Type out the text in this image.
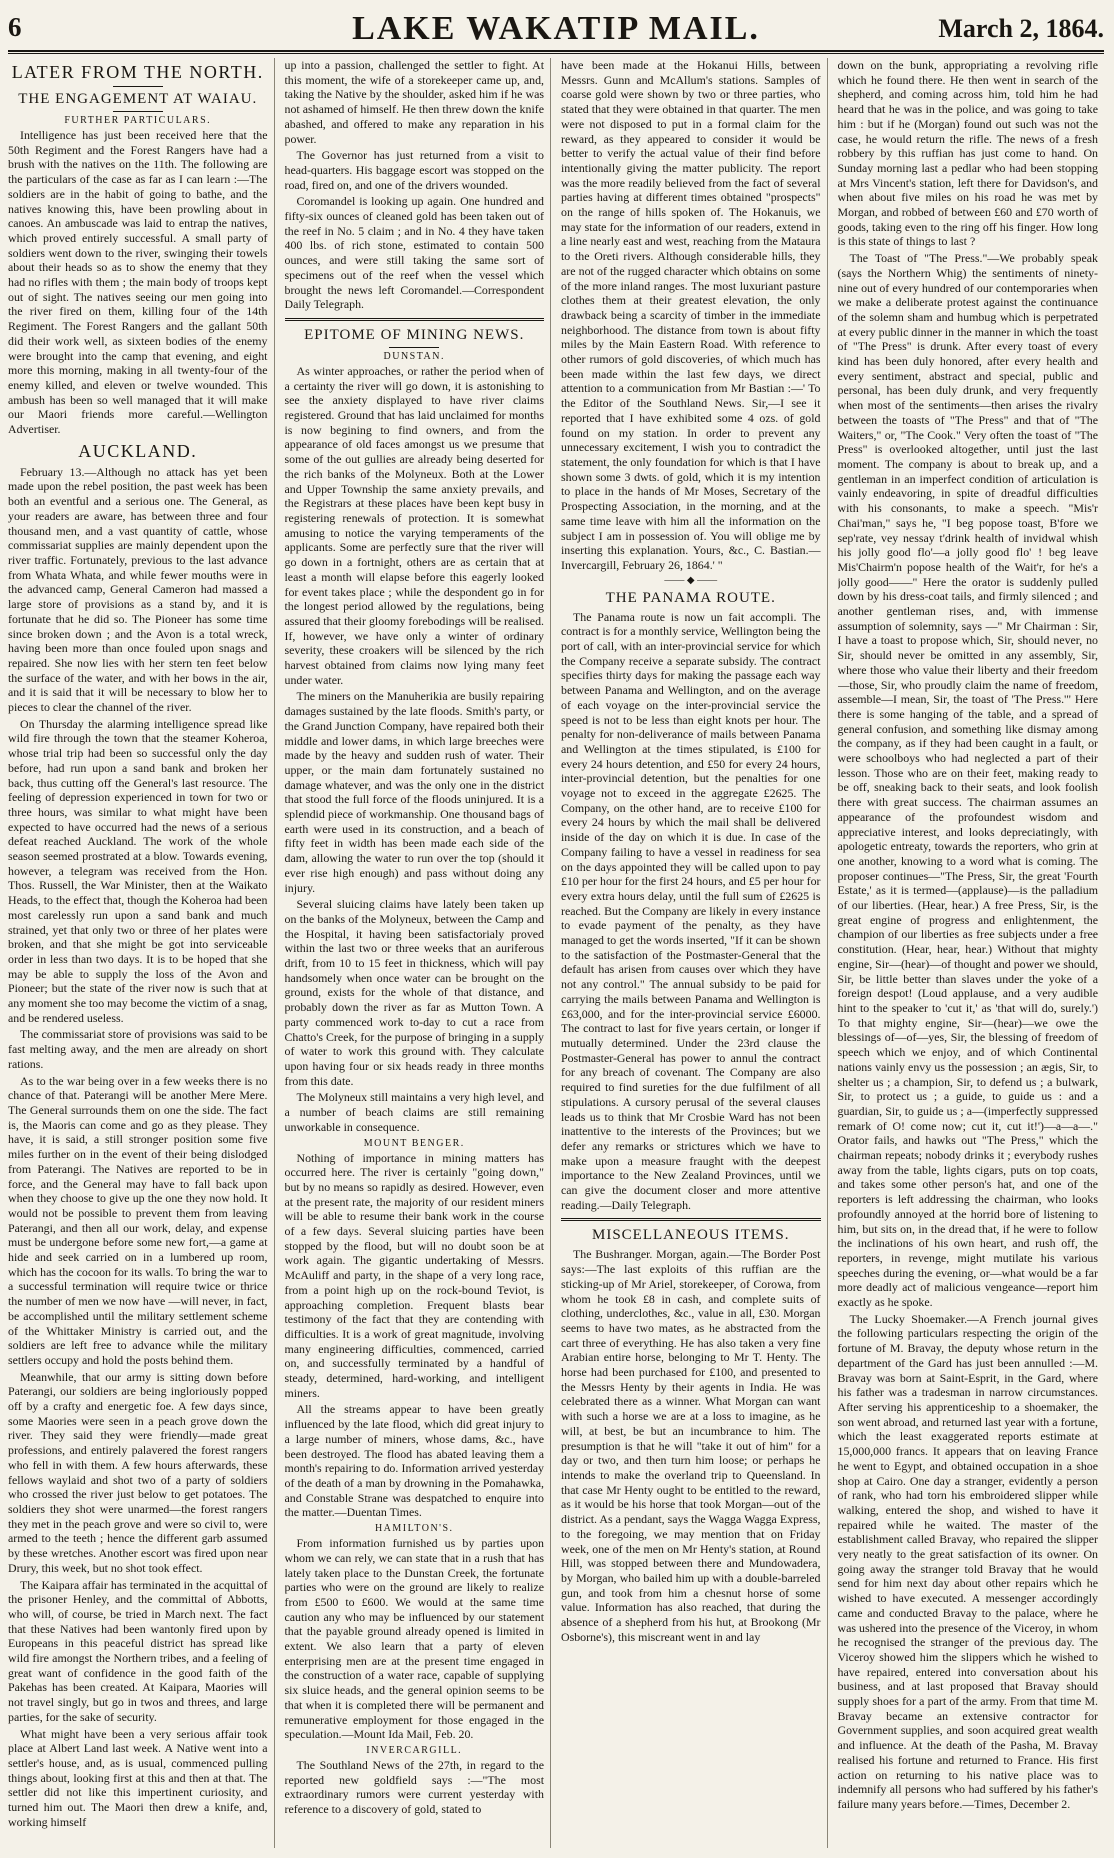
6	LAKE WAKATIP MAIL.	March 2, 1864.
LATER FROM THE NORTH.
THE ENGAGEMENT AT WAIAU.
FURTHER PARTICULARS.

Intelligence has just been received here that the 50th Regiment and the Forest Rangers have had a brush with the natives on the 11th. The following are the particulars of the case as far as I can learn :—The soldiers are in the habit of going to bathe, and the natives knowing this, have been prowling about in canoes. An ambuscade was laid to entrap the natives, which proved entirely successful. A small party of soldiers went down to the river, swinging their towels about their heads so as to show the enemy that they had no rifles with them ; the main body of troops kept out of sight. The natives seeing our men going into the river fired on them, killing four of the 14th Regiment. The Forest Rangers and the gallant 50th did their work well, as sixteen bodies of the enemy were brought into the camp that evening, and eight more this morning, making in all twenty-four of the enemy killed, and eleven or twelve wounded. This ambush has been so well managed that it will make our Maori friends more careful.—Wellington Advertiser.

AUCKLAND.

February 13.—Although no attack has yet been made upon the rebel position, the past week has been both an eventful and a serious one. The General, as your readers are aware, has between three and four thousand men, and a vast quantity of cattle, whose commissariat supplies are mainly dependent upon the river traffic. Fortunately, previous to the last advance from Whata Whata, and while fewer mouths were in the advanced camp, General Cameron had massed a large store of provisions as a stand by, and it is fortunate that he did so. The Pioneer has some time since broken down ; and the Avon is a total wreck, having been more than once fouled upon snags and repaired. She now lies with her stern ten feet below the surface of the water, and with her bows in the air, and it is said that it will be necessary to blow her to pieces to clear the channel of the river.

On Thursday the alarming intelligence spread like wild fire through the town that the steamer Koheroa, whose trial trip had been so successful only the day before, had run upon a sand bank and broken her back, thus cutting off the General's last resource. The feeling of depression experienced in town for two or three hours, was similar to what might have been expected to have occurred had the news of a serious defeat reached Auckland. The work of the whole season seemed prostrated at a blow. Towards evening, however, a telegram was received from the Hon. Thos. Russell, the War Minister, then at the Waikato Heads, to the effect that, though the Koheroa had been most carelessly run upon a sand bank and much strained, yet that only two or three of her plates were broken, and that she might be got into serviceable order in less than two days. It is to be hoped that she may be able to supply the loss of the Avon and Pioneer; but the state of the river now is such that at any moment she too may become the victim of a snag, and be rendered useless.

The commissariat store of provisions was said to be fast melting away, and the men are already on short rations.

As to the war being over in a few weeks there is no chance of that. Paterangi will be another Mere Mere. The General surrounds them on one the side. The fact is, the Maoris can come and go as they please. They have, it is said, a still stronger position some five miles further on in the event of their being dislodged from Paterangi. The Natives are reported to be in force, and the General may have to fall back upon when they choose to give up the one they now hold. It would not be possible to prevent them from leaving Paterangi, and then all our work, delay, and expense must be undergone before some new fort,—a game at hide and seek carried on in a lumbered up room, which has the cocoon for its walls. To bring the war to a successful termination will require twice or thrice the number of men we now have —will never, in fact, be accomplished until the military settlement scheme of the Whittaker Ministry is carried out, and the soldiers are left free to advance while the military settlers occupy and hold the posts behind them.

Meanwhile, that our army is sitting down before Paterangi, our soldiers are being ingloriously popped off by a crafty and energetic foe. A few days since, some Maories were seen in a peach grove down the river. They said they were friendly—made great professions, and entirely palavered the forest rangers who fell in with them. A few hours afterwards, these fellows waylaid and shot two of a party of soldiers who crossed the river just below to get potatoes. The soldiers they shot were unarmed—the forest rangers they met in the peach grove and were so civil to, were armed to the teeth ; hence the different garb assumed by these wretches. Another escort was fired upon near Drury, this week, but no shot took effect.

The Kaipara affair has terminated in the acquittal of the prisoner Henley, and the committal of Abbotts, who will, of course, be tried in March next. The fact that these Natives had been wantonly fired upon by Europeans in this peaceful district has spread like wild fire amongst the Northern tribes, and a feeling of great want of confidence in the good faith of the Pakehas has been created. At Kaipara, Maories will not travel singly, but go in twos and threes, and large parties, for the sake of security.

What might have been a very serious affair took place at Albert Land last week. A Native went into a settler's house, and, as is usual, commenced pulling things about, looking first at this and then at that. The settler did not like this impertinent curiosity, and turned him out. The Maori then drew a knife, and, working himself

up into a passion, challenged the settler to fight. At this moment, the wife of a storekeeper came up, and, taking the Native by the shoulder, asked him if he was not ashamed of himself. He then threw down the knife abashed, and offered to make any reparation in his power.

The Governor has just returned from a visit to head-quarters. His baggage escort was stopped on the road, fired on, and one of the drivers wounded.

Coromandel is looking up again. One hundred and fifty-six ounces of cleaned gold has been taken out of the reef in No. 5 claim ; and in No. 4 they have taken 400 lbs. of rich stone, estimated to contain 500 ounces, and were still taking the same sort of specimens out of the reef when the vessel which brought the news left Coromandel.—Correspondent Daily Telegraph.

EPITOME OF MINING NEWS.
DUNSTAN.

As winter approaches, or rather the period when of a certainty the river will go down, it is astonishing to see the anxiety displayed to have river claims registered. Ground that has laid unclaimed for months is now begining to find owners, and from the appearance of old faces amongst us we presume that some of the out gullies are already being deserted for the rich banks of the Molyneux. Both at the Lower and Upper Township the same anxiety prevails, and the Registrars at these places have been kept busy in registering renewals of protection. It is somewhat amusing to notice the varying temperaments of the applicants. Some are perfectly sure that the river will go down in a fortnight, others are as certain that at least a month will elapse before this eagerly looked for event takes place ; while the despondent go in for the longest period allowed by the regulations, being assured that their gloomy forebodings will be realised. If, however, we have only a winter of ordinary severity, these croakers will be silenced by the rich harvest obtained from claims now lying many feet under water.

The miners on the Manuherikia are busily repairing damages sustained by the late floods. Smith's party, or the Grand Junction Company, have repaired both their middle and lower dams, in which large breeches were made by the heavy and sudden rush of water. Their upper, or the main dam fortunately sustained no damage whatever, and was the only one in the district that stood the full force of the floods uninjured. It is a splendid piece of workmanship. One thousand bags of earth were used in its construction, and a beach of fifty feet in width has been made each side of the dam, allowing the water to run over the top (should it ever rise high enough) and pass without doing any injury.

Several sluicing claims have lately been taken up on the banks of the Molyneux, between the Camp and the Hospital, it having been satisfactorialy proved within the last two or three weeks that an auriferous drift, from 10 to 15 feet in thickness, which will pay handsomely when once water can be brought on the ground, exists for the whole of that distance, and probably down the river as far as Mutton Town. A party commenced work to-day to cut a race from Chatto's Creek, for the purpose of bringing in a supply of water to work this ground with. They calculate upon having four or six heads ready in three months from this date.

The Molyneux still maintains a very high level, and a number of beach claims are still remaining unworkable in consequence.

MOUNT BENGER.

Nothing of importance in mining matters has occurred here. The river is certainly "going down," but by no means so rapidly as desired. However, even at the present rate, the majority of our resident miners will be able to resume their bank work in the course of a few days. Several sluicing parties have been stopped by the flood, but will no doubt soon be at work again. The gigantic undertaking of Messrs. McAuliff and party, in the shape of a very long race, from a point high up on the rock-bound Teviot, is approaching completion. Frequent blasts bear testimony of the fact that they are contending with difficulties. It is a work of great magnitude, involving many engineering difficulties, commenced, carried on, and successfully terminated by a handful of steady, determined, hard-working, and intelligent miners.

All the streams appear to have been greatly influenced by the late flood, which did great injury to a large number of miners, whose dams, &c., have been destroyed. The flood has abated leaving them a month's repairing to do. Information arrived yesterday of the death of a man by drowning in the Pomahawka, and Constable Strane was despatched to enquire into the matter.—Duentan Times.

HAMILTON'S.

From information furnished us by parties upon whom we can rely, we can state that in a rush that has lately taken place to the Dunstan Creek, the fortunate parties who were on the ground are likely to realize from £500 to £600. We would at the same time caution any who may be influenced by our statement that the payable ground already opened is limited in extent. We also learn that a party of eleven enterprising men are at the present time engaged in the construction of a water race, capable of supplying six sluice heads, and the general opinion seems to be that when it is completed there will be permanent and remunerative employment for those engaged in the speculation.—Mount Ida Mail, Feb. 20.

INVERCARGILL.

The Southland News of the 27th, in regard to the reported new goldfield says :—"The most extraordinary rumors were current yesterday with reference to a discovery of gold, stated to

have been made at the Hokanui Hills, between Messrs. Gunn and McAllum's stations. Samples of coarse gold were shown by two or three parties, who stated that they were obtained in that quarter. The men were not disposed to put in a formal claim for the reward, as they appeared to consider it would be better to verify the actual value of their find before intentionally giving the matter publicity. The report was the more readily believed from the fact of several parties having at different times obtained "prospects" on the range of hills spoken of. The Hokanuis, we may state for the information of our readers, extend in a line nearly east and west, reaching from the Mataura to the Oreti rivers. Although considerable hills, they are not of the rugged character which obtains on some of the more inland ranges. The most luxuriant pasture clothes them at their greatest elevation, the only drawback being a scarcity of timber in the immediate neighborhood. The distance from town is about fifty miles by the Main Eastern Road. With reference to other rumors of gold discoveries, of which much has been made within the last few days, we direct attention to a communication from Mr Bastian :—' To the Editor of the Southland News. Sir,—I see it reported that I have exhibited some 4 ozs. of gold found on my station. In order to prevent any unnecessary excitement, I wish you to contradict the statement, the only foundation for which is that I have shown some 3 dwts. of gold, which it is my intention to place in the hands of Mr Moses, Secretary of the Prospecting Association, in the morning, and at the same time leave with him all the information on the subject I am in possession of. You will oblige me by inserting this explanation. Yours, &c., C. Bastian.— Invercargill, February 26, 1864.' "

—— ◆ ——
THE PANAMA ROUTE.

The Panama route is now un fait accompli. The contract is for a monthly service, Wellington being the port of call, with an inter-provincial service for which the Company receive a separate subsidy. The contract specifies thirty days for making the passage each way between Panama and Wellington, and on the average of each voyage on the inter-provincial service the speed is not to be less than eight knots per hour. The penalty for non-deliverance of mails between Panama and Wellington at the times stipulated, is £100 for every 24 hours detention, and £50 for every 24 hours, inter-provincial detention, but the penalties for one voyage not to exceed in the aggregate £2625. The Company, on the other hand, are to receive £100 for every 24 hours by which the mail shall be delivered inside of the day on which it is due. In case of the Company failing to have a vessel in readiness for sea on the days appointed they will be called upon to pay £10 per hour for the first 24 hours, and £5 per hour for every extra hours delay, until the full sum of £2625 is reached. But the Company are likely in every instance to evade payment of the penalty, as they have managed to get the words inserted, "If it can be shown to the satisfaction of the Postmaster-General that the default has arisen from causes over which they have not any control." The annual subsidy to be paid for carrying the mails between Panama and Wellington is £63,000, and for the inter-provincial service £6000. The contract to last for five years certain, or longer if mutually determined. Under the 23rd clause the Postmaster-General has power to annul the contract for any breach of covenant. The Company are also required to find sureties for the due fulfilment of all stipulations. A cursory perusal of the several clauses leads us to think that Mr Crosbie Ward has not been inattentive to the interests of the Provinces; but we defer any remarks or strictures which we have to make upon a measure fraught with the deepest importance to the New Zealand Provinces, until we can give the document closer and more attentive reading.—Daily Telegraph.

MISCELLANEOUS ITEMS.

The Bushranger. Morgan, again.—The Border Post says:—The last exploits of this ruffian are the sticking-up of Mr Ariel, storekeeper, of Corowa, from whom he took £8 in cash, and complete suits of clothing, underclothes, &c., value in all, £30. Morgan seems to have two mates, as he abstracted from the cart three of everything. He has also taken a very fine Arabian entire horse, belonging to Mr T. Henty. The horse had been purchased for £100, and presented to the Messrs Henty by their agents in India. He was celebrated there as a winner. What Morgan can want with such a horse we are at a loss to imagine, as he will, at best, be but an incumbrance to him. The presumption is that he will "take it out of him" for a day or two, and then turn him loose; or perhaps he intends to make the overland trip to Queensland. In that case Mr Henty ought to be entitled to the reward, as it would be his horse that took Morgan—out of the district. As a pendant, says the Wagga Wagga Express, to the foregoing, we may mention that on Friday week, one of the men on Mr Henty's station, at Round Hill, was stopped between there and Mundowadera, by Morgan, who bailed him up with a double-barreled gun, and took from him a chesnut horse of some value. Information has also reached, that during the absence of a shepherd from his hut, at Brookong (Mr Osborne's), this miscreant went in and lay

down on the bunk, appropriating a revolving rifle which he found there. He then went in search of the shepherd, and coming across him, told him he had heard that he was in the police, and was going to take him : but if he (Morgan) found out such was not the case, he would return the rifle. The news of a fresh robbery by this ruffian has just come to hand. On Sunday morning last a pedlar who had been stopping at Mrs Vincent's station, left there for Davidson's, and when about five miles on his road he was met by Morgan, and robbed of between £60 and £70 worth of goods, taking even to the ring off his finger. How long is this state of things to last ?

The Toast of "The Press."—We probably speak (says the Northern Whig) the sentiments of ninety-nine out of every hundred of our contemporaries when we make a deliberate protest against the continuance of the solemn sham and humbug which is perpetrated at every public dinner in the manner in which the toast of "The Press" is drunk. After every toast of every kind has been duly honored, after every health and every sentiment, abstract and special, public and personal, has been duly drunk, and very frequently when most of the sentiments—then arises the rivalry between the toasts of "The Press" and that of "The Waiters," or, "The Cook." Very often the toast of "The Press" is overlooked altogether, until just the last moment. The company is about to break up, and a gentleman in an imperfect condition of articulation is vainly endeavoring, in spite of dreadful difficulties with his consonants, to make a speech. "Mis'r Chai'man," says he, "I beg popose toast, B'fore we sep'rate, vey nessay t'drink health of invidwal whish his jolly good flo'—a jolly good flo' ! beg leave Mis'Chairm'n popose health of the Wait'r, for he's a jolly good——" Here the orator is suddenly pulled down by his dress-coat tails, and firmly silenced ; and another gentleman rises, and, with immense assumption of solemnity, says —" Mr Chairman : Sir, I have a toast to propose which, Sir, should never, no Sir, should never be omitted in any assembly, Sir, where those who value their liberty and their freedom—those, Sir, who proudly claim the name of freedom, assemble—I mean, Sir, the toast of 'The Press.'" Here there is some hanging of the table, and a spread of general confusion, and something like dismay among the company, as if they had been caught in a fault, or were schoolboys who had neglected a part of their lesson. Those who are on their feet, making ready to be off, sneaking back to their seats, and look foolish there with great success. The chairman assumes an appearance of the profoundest wisdom and appreciative interest, and looks depreciatingly, with apologetic entreaty, towards the reporters, who grin at one another, knowing to a word what is coming. The proposer continues—"The Press, Sir, the great 'Fourth Estate,' as it is termed—(applause)—is the palladium of our liberties. (Hear, hear.) A free Press, Sir, is the great engine of progress and enlightenment, the champion of our liberties as free subjects under a free constitution. (Hear, hear, hear.) Without that mighty engine, Sir—(hear)—of thought and power we should, Sir, be little better than slaves under the yoke of a foreign despot! (Loud applause, and a very audible hint to the speaker to 'cut it,' as 'that will do, surely.') To that mighty engine, Sir—(hear)—we owe the blessings of—of—yes, Sir, the blessing of freedom of speech which we enjoy, and of which Continental nations vainly envy us the possession ; an ægis, Sir, to shelter us ; a champion, Sir, to defend us ; a bulwark, Sir, to protect us ; a guide, to guide us : and a guardian, Sir, to guide us ; a—(imperfectly suppressed remark of O! come now; cut it, cut it!')—a—a—." Orator fails, and hawks out "The Press," which the chairman repeats; nobody drinks it ; everybody rushes away from the table, lights cigars, puts on top coats, and takes some other person's hat, and one of the reporters is left addressing the chairman, who looks profoundly annoyed at the horrid bore of listening to him, but sits on, in the dread that, if he were to follow the inclinations of his own heart, and rush off, the reporters, in revenge, might mutilate his various speeches during the evening, or—what would be a far more deadly act of malicious vengeance—report him exactly as he spoke.

The Lucky Shoemaker.—A French journal gives the following particulars respecting the origin of the fortune of M. Bravay, the deputy whose return in the department of the Gard has just been annulled :—M. Bravay was born at Saint-Esprit, in the Gard, where his father was a tradesman in narrow circumstances. After serving his apprenticeship to a shoemaker, the son went abroad, and returned last year with a fortune, which the least exaggerated reports estimate at 15,000,000 francs. It appears that on leaving France he went to Egypt, and obtained occupation in a shoe shop at Cairo. One day a stranger, evidently a person of rank, who had torn his embroidered slipper while walking, entered the shop, and wished to have it repaired while he waited. The master of the establishment called Bravay, who repaired the slipper very neatly to the great satisfaction of its owner. On going away the stranger told Bravay that he would send for him next day about other repairs which he wished to have executed. A messenger accordingly came and conducted Bravay to the palace, where he was ushered into the presence of the Viceroy, in whom he recognised the stranger of the previous day. The Viceroy showed him the slippers which he wished to have repaired, entered into conversation about his business, and at last proposed that Bravay should supply shoes for a part of the army. From that time M. Bravay became an extensive contractor for Government supplies, and soon acquired great wealth and influence. At the death of the Pasha, M. Bravay realised his fortune and returned to France. His first action on returning to his native place was to indemnify all persons who had suffered by his father's failure many years before.—Times, December 2.
